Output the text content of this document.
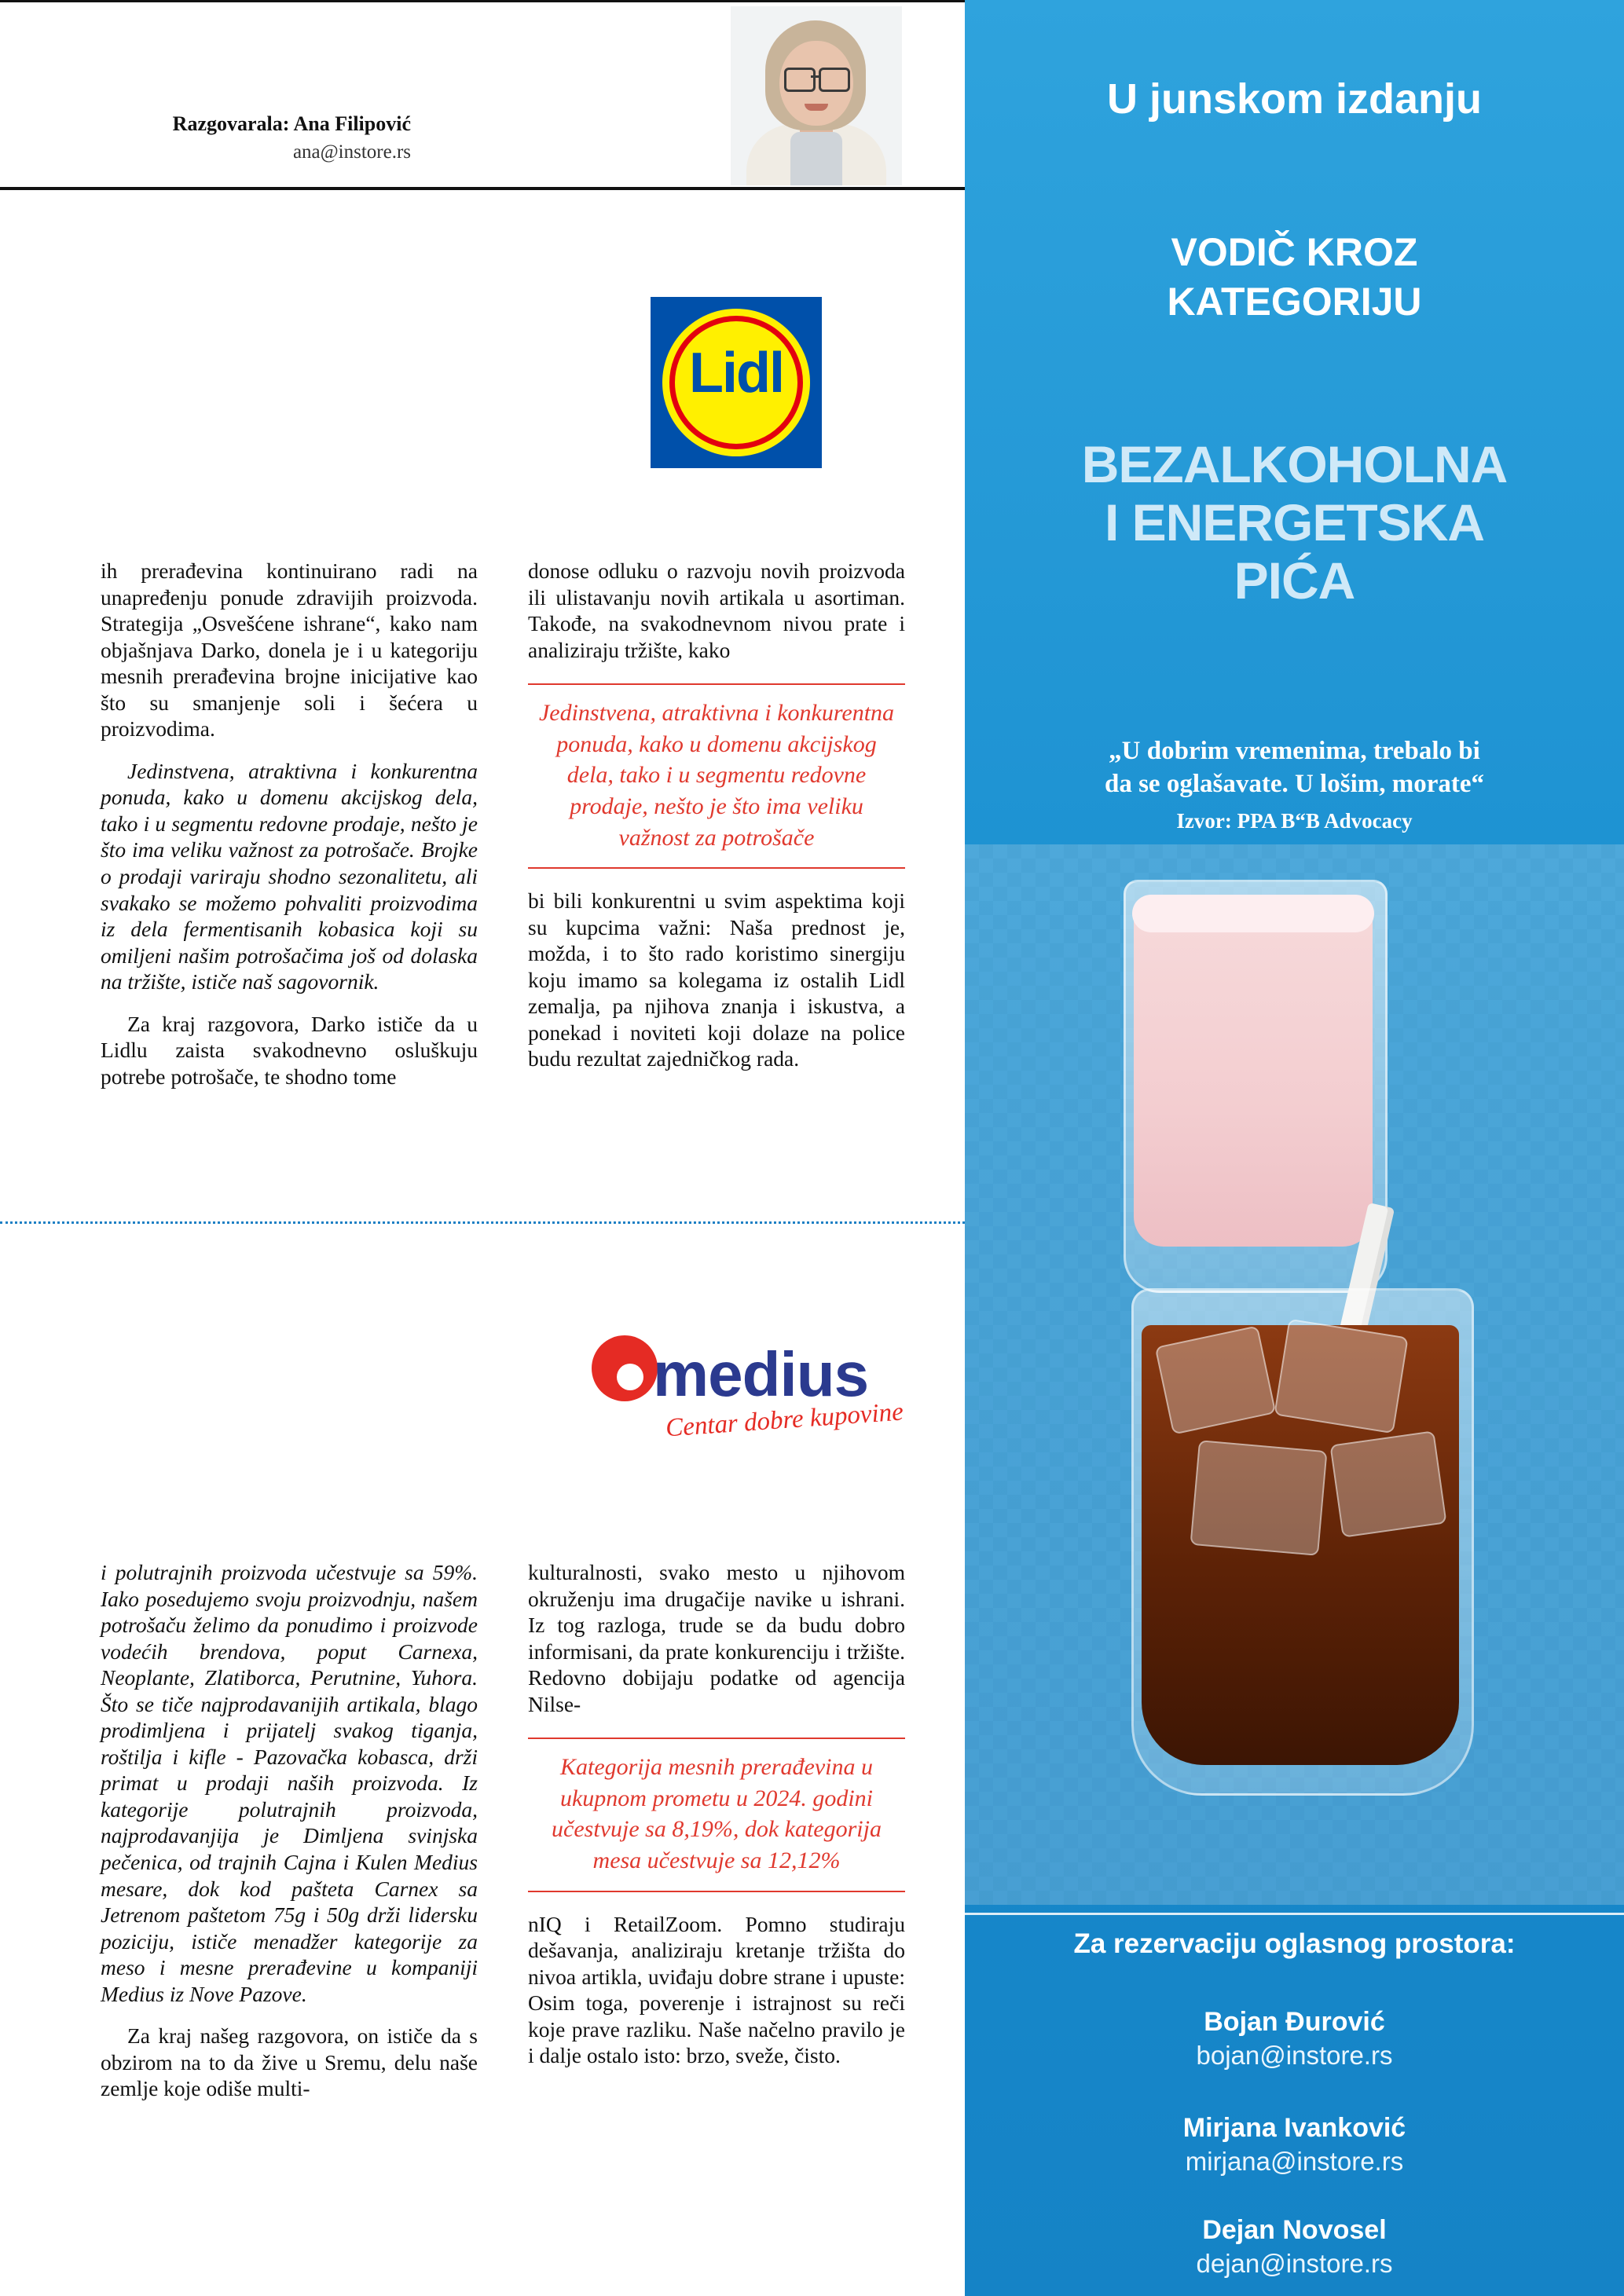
Razgovarala: Ana Filipović
ana@instore.rs
Lidl

ih prerađevina kontinuirano radi na unapređenju ponude zdravijih proizvoda. Strategija „Osvešćene ishrane“, kako nam objašnjava Darko, donela je i u kategoriju mesnih prerađevina brojne inicijative kao što su smanjenje soli i šećera u proizvodima.

Jedinstvena, atraktivna i konkurentna ponuda, kako u domenu akcijskog dela, tako i u segmentu redovne prodaje, nešto je što ima veliku važnost za potrošače. Brojke o prodaji variraju shodno sezonalitetu, ali svakako se možemo pohvaliti proizvodima iz dela fermentisanih kobasica koji su omiljeni našim potrošačima još od dolaska na tržište, ističe naš sagovornik.

Za kraj razgovora, Darko ističe da u Lidlu zaista svakodnevno osluškuju potrebe potrošače, te shodno tome

donose odluku o razvoju novih proizvoda ili ulistavanju novih artikala u asortiman. Takođe, na svakodnevnom nivou prate i analiziraju tržište, kako

Jedinstvena, atraktivna i konkurentna ponuda, kako u domenu akcijskog dela, tako i u segmentu redovne prodaje, nešto je što ima veliku važnost za potrošače

bi bili konkurentni u svim aspektima koji su kupcima važni: Naša prednost je, možda, i to što rado koristimo sinergiju koju imamo sa kolegama iz ostalih Lidl zemalja, pa njihova znanja i iskustva, a ponekad i noviteti koji dolaze na police budu rezultat zajedničkog rada.

medius
Centar dobre kupovine

i polutrajnih proizvoda učestvuje sa 59%. Iako posedujemo svoju proizvodnju, našem potrošaču želimo da ponudimo i proizvode vodećih brendova, poput Carnexa, Neoplante, Zlatiborca, Perutnine, Yuhora. Što se tiče najprodavanijih artikala, blago prodimljena i prijatelj svakog tiganja, roštilja i kifle - Pazovačka kobasca, drži primat u prodaji naših proizvoda. Iz kategorije polutrajnih proizvoda, najprodavanjija je Dimljena svinjska pečenica, od trajnih Cajna i Kulen Medius mesare, dok kod pašteta Carnex sa Jetrenom paštetom 75g i 50g drži lidersku poziciju, ističe menadžer kategorije za meso i mesne prerađevine u kompaniji Medius iz Nove Pazove.

Za kraj našeg razgovora, on ističe da s obzirom na to da žive u Sremu, delu naše zemlje koje odiše multi-

kulturalnosti, svako mesto u njihovom okruženju ima drugačije navike u ishrani. Iz tog razloga, trude se da budu dobro informisani, da prate konkurenciju i tržište. Redovno dobijaju podatke od agencija Nilse-

Kategorija mesnih prerađevina u ukupnom prometu u 2024. godini učestvuje sa 8,19%, dok kategorija mesa učestvuje sa 12,12%

nIQ i RetailZoom. Pomno studiraju dešavanja, analiziraju kretanje tržišta do nivoa artikla, uviđaju dobre strane i upuste: Osim toga, poverenje i istrajnost su reči koje prave razliku. Naše načelno pravilo je i dalje ostalo isto: brzo, sveže, čisto.

U junskom izdanju
VODIČ KROZ
KATEGORIJU
BEZALKOHOLNA
I ENERGETSKA
PIĆA
„U dobrim vremenima, trebalo bi
da se oglašavate. U lošim, morate“
Izvor: PPA B“B Advocacy
Za rezervaciju oglasnog prostora:
Bojan Đurović
bojan@instore.rs
Mirjana Ivanković
mirjana@instore.rs
Dejan Novosel
dejan@instore.rs
